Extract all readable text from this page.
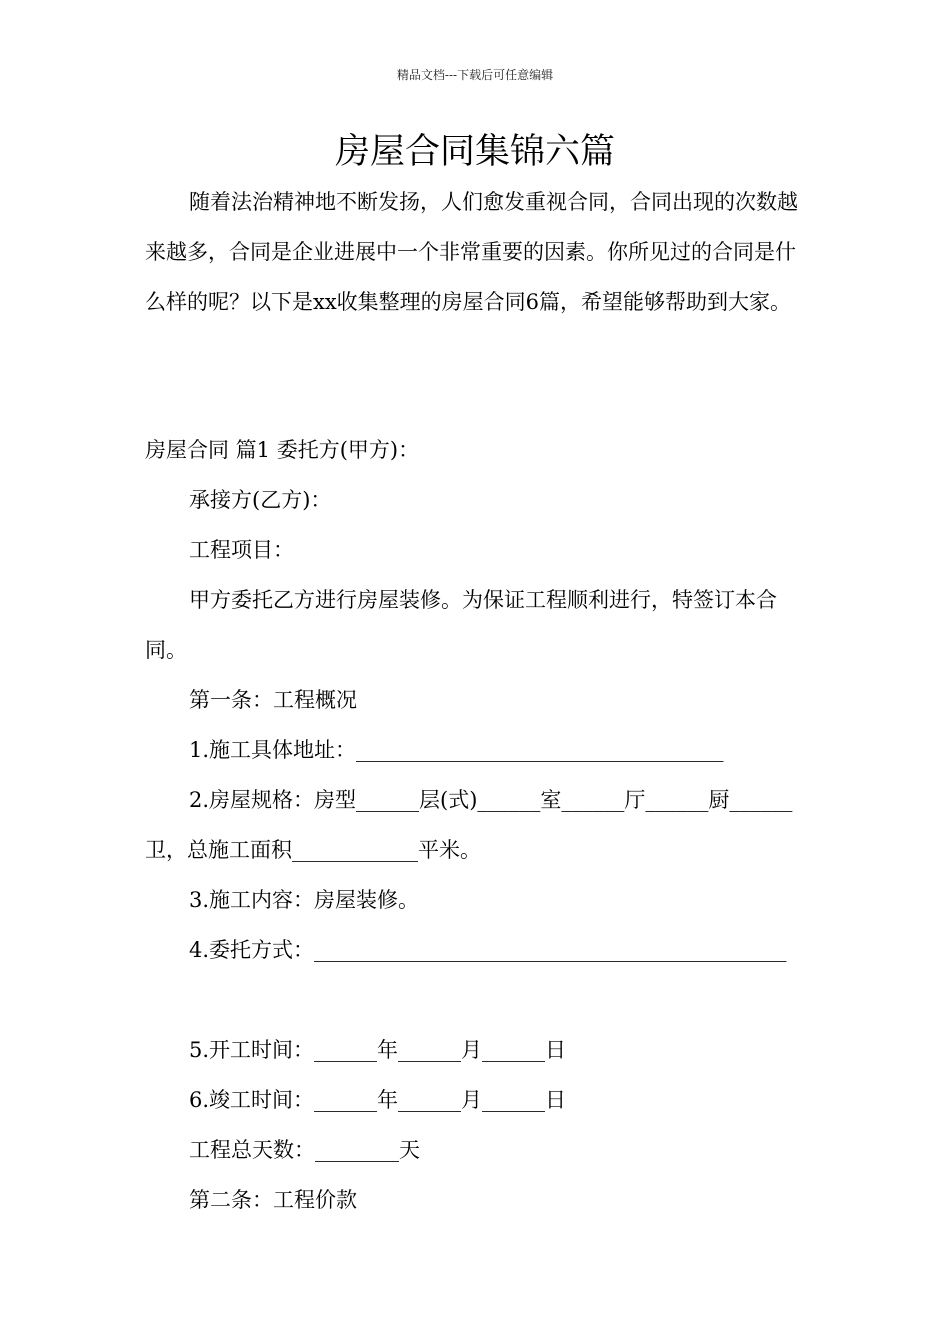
精品文档---下载后可任意编辑
房屋合同集锦六篇

随着法治精神地不断发扬，人们愈发重视合同，合同出现的次数越来越多，合同是企业进展中一个非常重要的因素。你所见过的合同是什么样的呢？以下是xx收集整理的房屋合同6篇，希望能够帮助到大家。

房屋合同 篇1 委托方(甲方)：
承接方(乙方)：
工程项目：

甲方委托乙方进行房屋装修。为保证工程顺利进行，特签订本合同。

第一条：工程概况
1.施工具体地址：___________________________________

2.房屋规格：房型______层(式)______室______厅______厨______卫，总施工面积____________平米。

3.施工内容：房屋装修。

4.委托方式：_____________________________________________

5.开工时间：______年______月______日
6.竣工时间：______年______月______日
工程总天数：________天
第二条：工程价款
